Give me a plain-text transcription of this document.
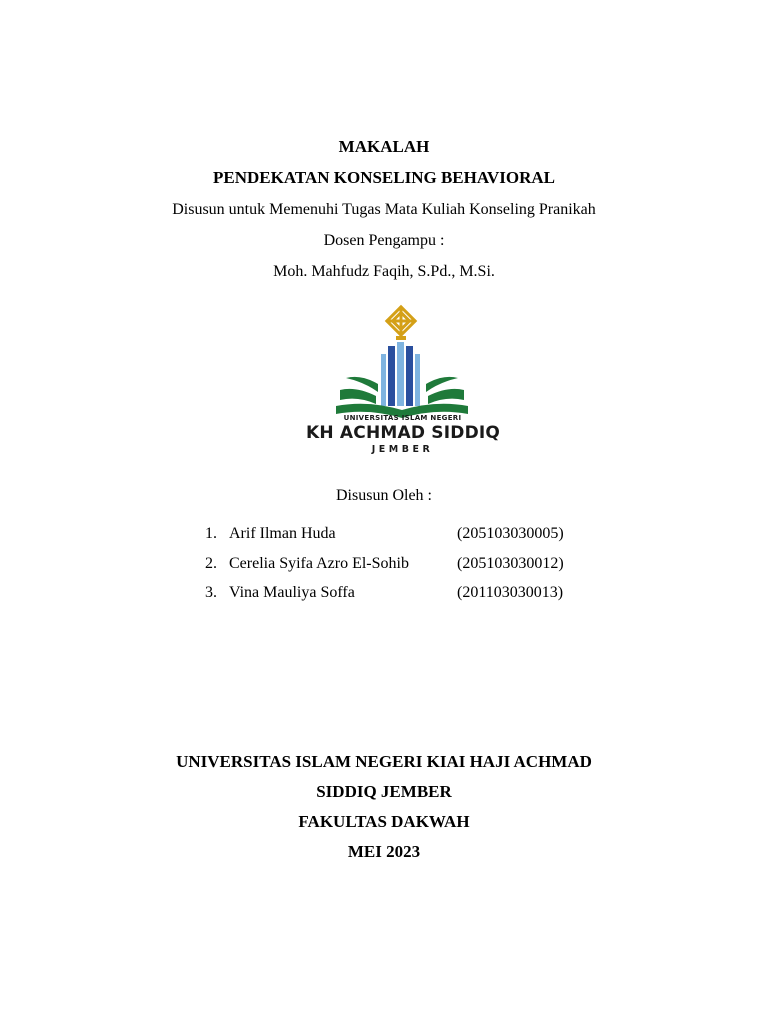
MAKALAH
PENDEKATAN KONSELING BEHAVIORAL
Disusun untuk Memenuhi Tugas Mata Kuliah Konseling Pranikah
Dosen Pengampu :
Moh. Mahfudz Faqih, S.Pd., M.Si.
UNIVERSITAS ISLAM NEGERI
KH ACHMAD SIDDIQ
JEMBER
Disusun Oleh :
1. Arif Ilman Huda	(205103030005)
2. Cerelia Syifa Azro El-Sohib	(205103030012)
3. Vina Mauliya Soffa	(201103030013)
UNIVERSITAS ISLAM NEGERI KIAI HAJI ACHMAD
SIDDIQ JEMBER
FAKULTAS DAKWAH
MEI 2023
